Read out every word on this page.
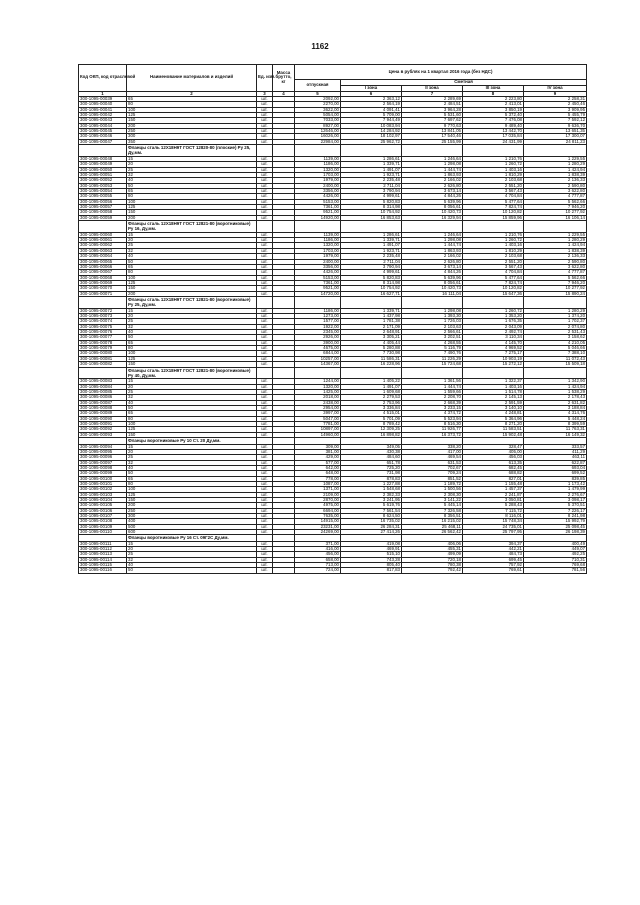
1162
Код ОКП, код отраслевой	Наименование материалов и изделий	Ед. изм.	Масса брутто, кг	Цена в рублях на 1 квартал 2016 года (без НДС)				
				отпускная	Сметная			
					I зона	II зона	III зона	IV зона
1	2	3	4	5	6	7	8	9
300-1095-00039	65	шт.		2092,00	2 363,12	2 289,69	2 223,80	2 258,31
300-1095-00040	80	шт.		2270,00	2 564,19	2 484,51	2 413,01	2 450,46
300-1095-00041	100	шт.		3622,00	4 091,41	3 964,28	3 850,19	3 909,95
300-1095-00042	125	шт.		5054,00	5 709,00	5 531,60	5 372,40	5 455,79
300-1095-00043	150	шт.		7033,00	7 944,49	7 697,62	7 476,08	7 592,12
300-1095-00044	200	шт.		8927,00	10 083,94	9 770,63	9 489,40	9 636,70
300-1095-00045	250	шт.		12646,00	14 284,92	13 841,05	13 442,70	13 651,35
300-1095-00046	300	шт.		16026,00	18 102,97	17 540,46	17 035,84	17 300,07
300-1095-00047	350	шт.		22984,00	25 962,72	25 155,99	24 431,99	24 811,23
	Фланцы сталь 12Х18Н9Т ГОСТ 12820-80 (плоские) Ру 25, Ду,мм.							
300-1095-00048	15	шт.		1139,00	1 286,61	1 246,64	1 210,76	1 229,55
300-1095-00049	20	шт.		1186,00	1 339,71	1 298,08	1 260,72	1 280,29
300-1095-00050	25	шт.		1320,00	1 491,07	1 444,74	1 403,16	1 424,94
300-1095-00051	32	шт.		1703,00	1 923,71	1 863,93	1 810,29	1 838,39
300-1095-00052	40	шт.		1979,00	2 235,48	2 166,02	2 103,68	2 136,33
300-1095-00053	50	шт.		2400,00	2 711,04	2 626,80	2 551,20	2 590,80
300-1095-00054	65	шт.		3356,00	3 790,94	3 673,14	3 567,43	3 622,80
300-1095-00055	80	шт.		4426,00	4 999,61	4 844,26	4 704,84	4 777,87
300-1095-00056	100	шт.		5153,00	5 820,83	5 639,96	5 477,64	5 562,66
300-1095-00057	125	шт.		7361,00	8 314,98	8 056,61	7 824,74	7 946,20
300-1095-00058	150	шт.		9521,00	10 754,92	10 420,73	10 120,82	10 277,92
300-1095-00059	200	шт.		14920,00	16 853,63	16 329,94	15 859,96	16 106,14
	Фланцы сталь 12Х18Н9Т ГОСТ 12821-80 (воротниковые) Ру 16, Ду,мм.							
300-1095-00060	15	шт.		1139,00	1 286,61	1 246,64	1 210,76	1 229,55
300-1095-00061	20	шт.		1186,00	1 339,71	1 298,08	1 260,72	1 280,29
300-1095-00062	25	шт.		1320,00	1 491,07	1 444,74	1 403,16	1 424,94
300-1095-00063	32	шт.		1703,00	1 923,71	1 863,93	1 810,29	1 838,39
300-1095-00064	40	шт.		1979,00	2 235,48	2 166,02	2 103,68	2 136,33
300-1095-00065	50	шт.		2400,00	2 711,04	2 626,80	2 551,20	2 590,80
300-1095-00066	65	шт.		3356,00	3 790,94	3 673,14	3 567,43	3 622,80
300-1095-00067	80	шт.		4426,00	4 999,61	4 844,26	4 704,84	4 777,87
300-1095-00068	100	шт.		5153,00	5 820,83	5 639,96	5 477,64	5 562,66
300-1095-00069	125	шт.		7361,00	8 314,98	8 056,61	7 824,74	7 946,20
300-1095-00070	150	шт.		9521,00	10 754,92	10 420,73	10 120,82	10 277,92
300-1095-00071	200	шт.		14720,00	16 627,71	16 111,04	15 647,36	15 890,24
	Фланцы сталь 12Х18Н9Т ГОСТ 12821-80 (воротниковые) Ру 25, Ду,мм.							
300-1095-00072	15	шт.		1186,00	1 339,71	1 298,08	1 260,72	1 280,29
300-1095-00073	20	шт.		1273,00	1 437,98	1 393,30	1 353,20	1 374,20
300-1095-00074	25	шт.		1577,00	1 781,38	1 726,03	1 676,35	1 702,37
300-1095-00075	32	шт.		1922,00	2 171,09	2 103,63	2 043,09	2 074,80
300-1095-00076	40	шт.		2345,00	2 648,91	2 566,61	2 492,74	2 531,43
300-1095-00077	50	шт.		2926,00	3 305,21	3 202,51	3 110,34	3 158,62
300-1095-00078	65	шт.		3900,00	4 405,44	4 268,55	4 145,70	4 210,05
300-1095-00079	80	шт.		4675,00	5 280,88	5 116,79	4 969,52	5 046,66
300-1095-00080	100	шт.		6844,00	7 730,98	7 490,76	7 275,17	7 388,10
300-1095-00081	125	шт.		10257,00	11 586,31	11 226,29	10 903,19	11 072,43
300-1095-00082	150	шт.		14367,00	16 228,96	15 724,68	15 272,12	15 509,18
	Фланцы сталь 12Х18Н9Т ГОСТ 12821-80 (воротниковые) Ру 40, Ду,мм.							
300-1095-00083	15	шт.		1244,00	1 405,22	1 361,56	1 322,37	1 342,90
300-1095-00084	20	шт.		1320,00	1 491,07	1 444,74	1 403,16	1 424,94
300-1095-00085	25	шт.		1425,00	1 609,68	1 559,66	1 514,78	1 538,29
300-1095-00086	32	шт.		2018,00	2 279,53	2 208,70	2 145,13	2 178,43
300-1095-00087	40	шт.		2438,00	2 753,96	2 668,39	2 591,59	2 631,82
300-1095-00088	50	шт.		2954,00	3 336,84	3 233,15	3 140,10	3 188,84
300-1095-00089	65	шт.		3997,00	4 515,01	4 374,72	4 248,81	4 314,76
300-1095-00090	80	шт.		5047,00	5 701,09	5 523,94	5 364,96	5 448,24
300-1095-00091	100	шт.		7781,00	8 789,42	8 516,30	8 271,20	8 399,59
300-1095-00092	125	шт.		10897,00	12 309,25	11 926,77	11 583,51	11 763,31
300-1095-00093	150	шт.		14960,00	16 898,82	16 373,72	15 902,48	16 149,32
	Фланцы воротниковые Ру 10 Ст. 20 Ду,мм.							
300-1095-00094	15	шт.		309,00	349,05	338,20	328,47	333,57
300-1095-00095	20	шт.		381,00	430,38	417,00	405,00	411,29
300-1095-00096	25	шт.		429,00	484,60	469,54	456,03	463,11
300-1095-00097	32	шт.		577,00	651,78	631,53	613,35	622,87
300-1095-00098	40	шт.		642,00	725,20	702,67	682,45	693,04
300-1095-00099	50	шт.		648,00	731,98	709,24	688,82	699,52
300-1095-00100	65	шт.		778,00	878,83	851,52	827,01	839,85
300-1095-00101	80	шт.		1087,00	1 227,88	1 189,72	1 155,48	1 173,42
300-1095-00102	100	шт.		1371,00	1 548,68	1 500,56	1 457,37	1 479,99
300-1095-00103	125	шт.		2109,00	2 382,33	2 308,30	2 241,87	2 276,67
300-1095-00104	150	шт.		2870,00	3 241,95	3 141,22	3 050,81	3 098,17
300-1095-00105	200	шт.		4975,00	5 619,76	5 445,14	5 288,43	5 370,51
300-1095-00106	250	шт.		6694,00	7 561,54	7 326,58	7 115,72	7 226,17
300-1095-00107	300	шт.		7635,00	8 624,50	8 356,51	8 116,01	8 241,98
300-1095-00108	400	шт.		14915,00	16 735,02	16 215,02	15 748,34	15 992,79
300-1095-00109	500	шт.		23231,00	26 284,31	25 468,11	24 735,01	25 098,45
300-1095-00110	600	шт.		24269,00	27 414,26	26 562,42	25 797,95	26 198,39
	Фланцы воротниковые Ру 16 Ст. 09Г2С Ду,мм.							
300-1095-00111	15	шт.		371,00	419,08	406,06	394,37	400,49
300-1095-00112	20	шт.		416,00	469,91	455,31	442,21	449,07
300-1095-00113	25	шт.		456,00	515,10	499,09	484,73	492,25
300-1095-00114	32	шт.		658,00	743,28	720,18	699,45	710,31
300-1095-00115	40	шт.		713,00	805,40	780,38	757,92	769,68
300-1095-00116	50	шт.		724,00	817,83	792,42	769,61	781,56
